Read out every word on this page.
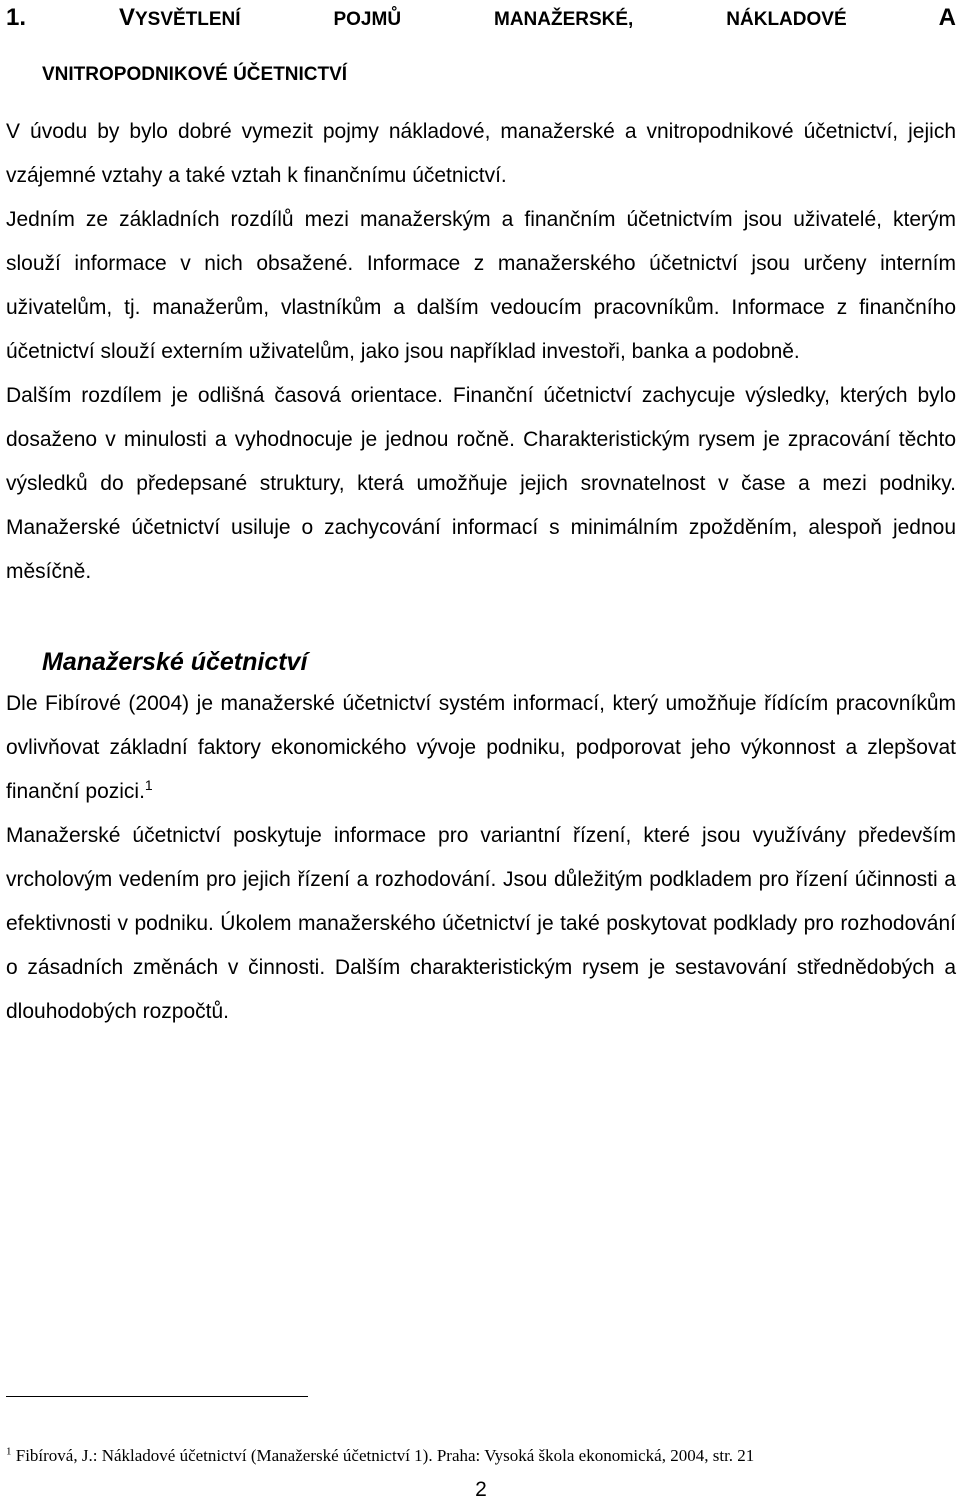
1.	VYSVĚTLENÍ	POJMŮ	MANAŽERSKÉ,	NÁKLADOVÉ	A
VNITROPODNIKOVÉ ÚČETNICTVÍ

V úvodu by bylo dobré vymezit pojmy nákladové, manažerské a vnitropodnikové účetnictví, jejich vzájemné vztahy a také vztah k finančnímu účetnictví.

Jedním ze základních rozdílů mezi manažerským a finančním účetnictvím jsou uživatelé, kterým slouží informace v nich obsažené. Informace z manažerského účetnictví jsou určeny interním uživatelům, tj. manažerům, vlastníkům a dalším vedoucím pracovníkům. Informace z finančního účetnictví slouží externím uživatelům, jako jsou například investoři, banka a podobně.

Dalším rozdílem je odlišná časová orientace. Finanční účetnictví zachycuje výsledky, kterých bylo dosaženo v minulosti a vyhodnocuje je jednou ročně. Charakteristickým rysem je zpracování těchto výsledků do předepsané struktury, která umožňuje jejich srovnatelnost v čase a mezi podniky. Manažerské účetnictví usiluje o zachycování informací s minimálním zpožděním, alespoň jednou měsíčně.

Manažerské účetnictví

Dle Fibírové (2004) je manažerské účetnictví systém informací, který umožňuje řídícím pracovníkům ovlivňovat základní faktory ekonomického vývoje podniku, podporovat jeho výkonnost a zlepšovat finanční pozici.$^1$

Manažerské účetnictví poskytuje informace pro variantní řízení, které jsou využívány především vrcholovým vedením pro jejich řízení a rozhodování. Jsou důležitým podkladem pro řízení účinnosti a efektivnosti v podniku. Úkolem manažerského účetnictví je také poskytovat podklady pro rozhodování o zásadních změnách v činnosti. Dalším charakteristickým rysem je sestavování střednědobých a dlouhodobých rozpočtů.

$^1$ Fibírová, J.: Nákladové účetnictví (Manažerské účetnictví 1). Praha: Vysoká škola ekonomická, 2004, str. 21
2
